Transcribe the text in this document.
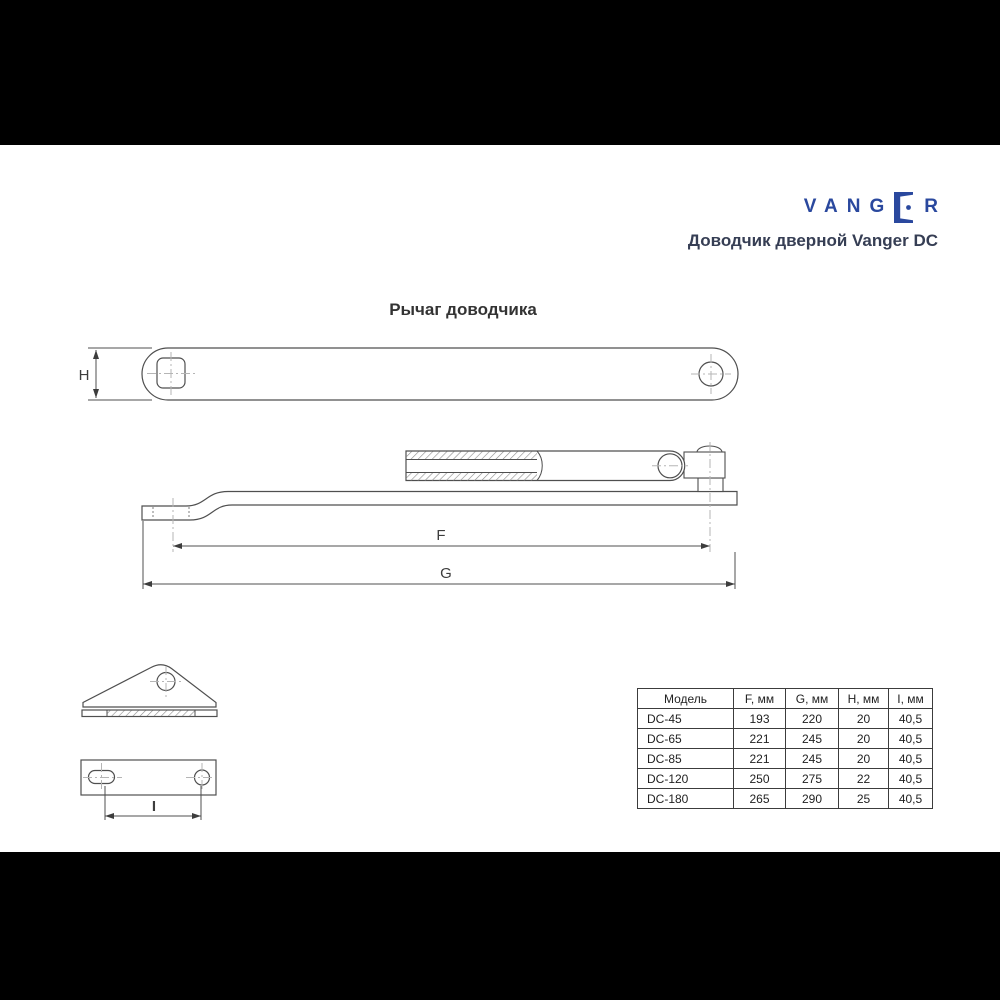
VANG R
Доводчик дверной Vanger DC
Рычаг доводчика
H
F
G
I
Модель	F, мм	G, мм	H, мм	I, мм
DC-45	193	220	20	40,5
DC-65	221	245	20	40,5
DC-85	221	245	20	40,5
DC-120	250	275	22	40,5
DC-180	265	290	25	40,5
